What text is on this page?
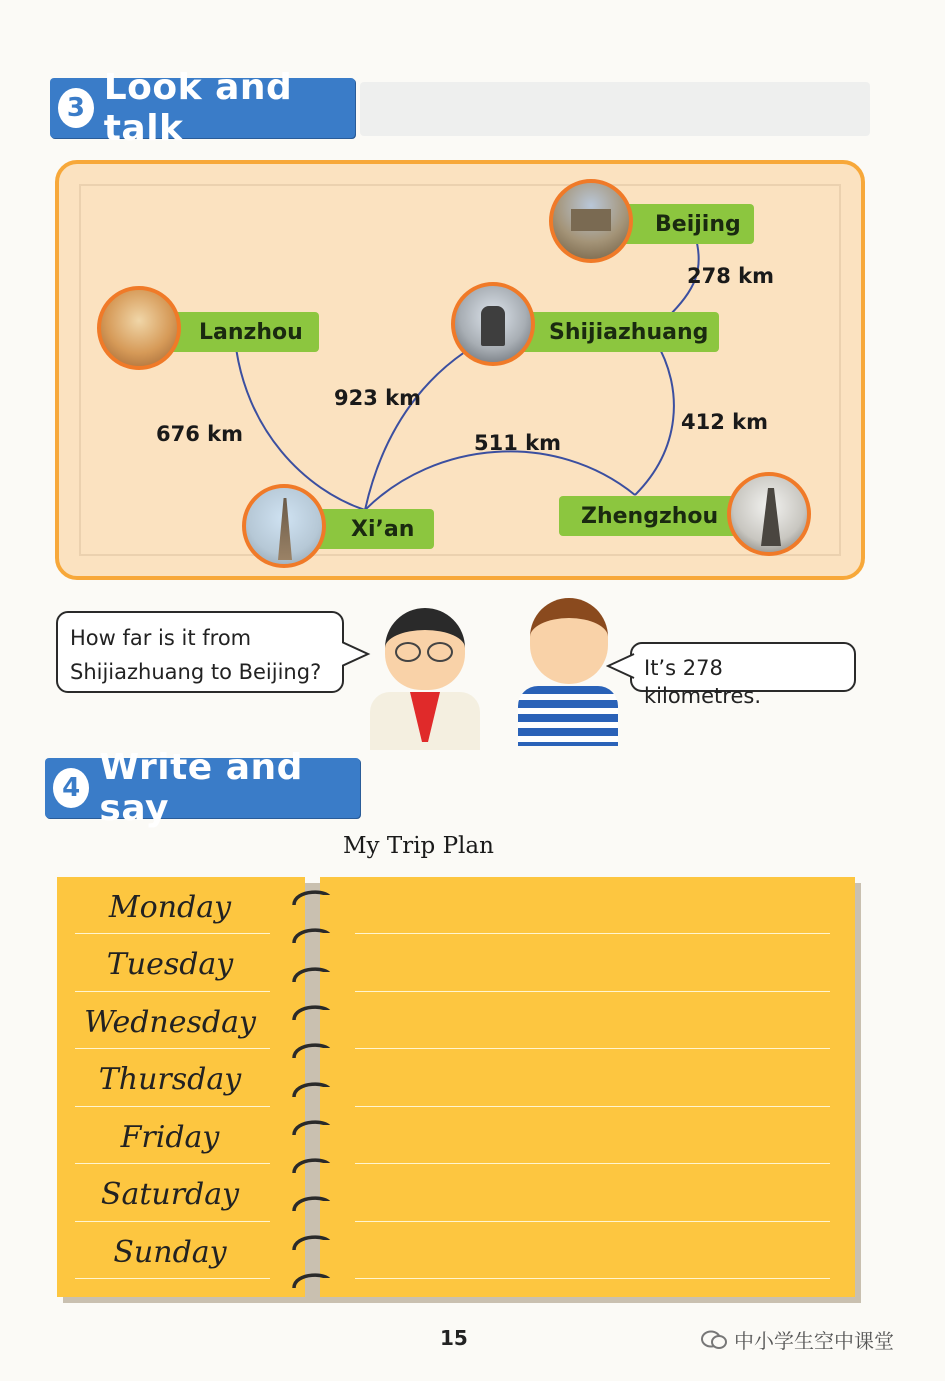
3 Look and talk
Beijing
Lanzhou	Shijiazhuang
Xi’an
Zhengzhou
278 km
923 km
676 km	511 km
412 km
How far is it from
Shijiazhuang to Beijing?	It’s 278 kilometres.
4 Write and say
My Trip Plan
Monday
Tuesday
Wednesday
Thursday
Friday
Saturday
Sunday
15	中小学生空中课堂
